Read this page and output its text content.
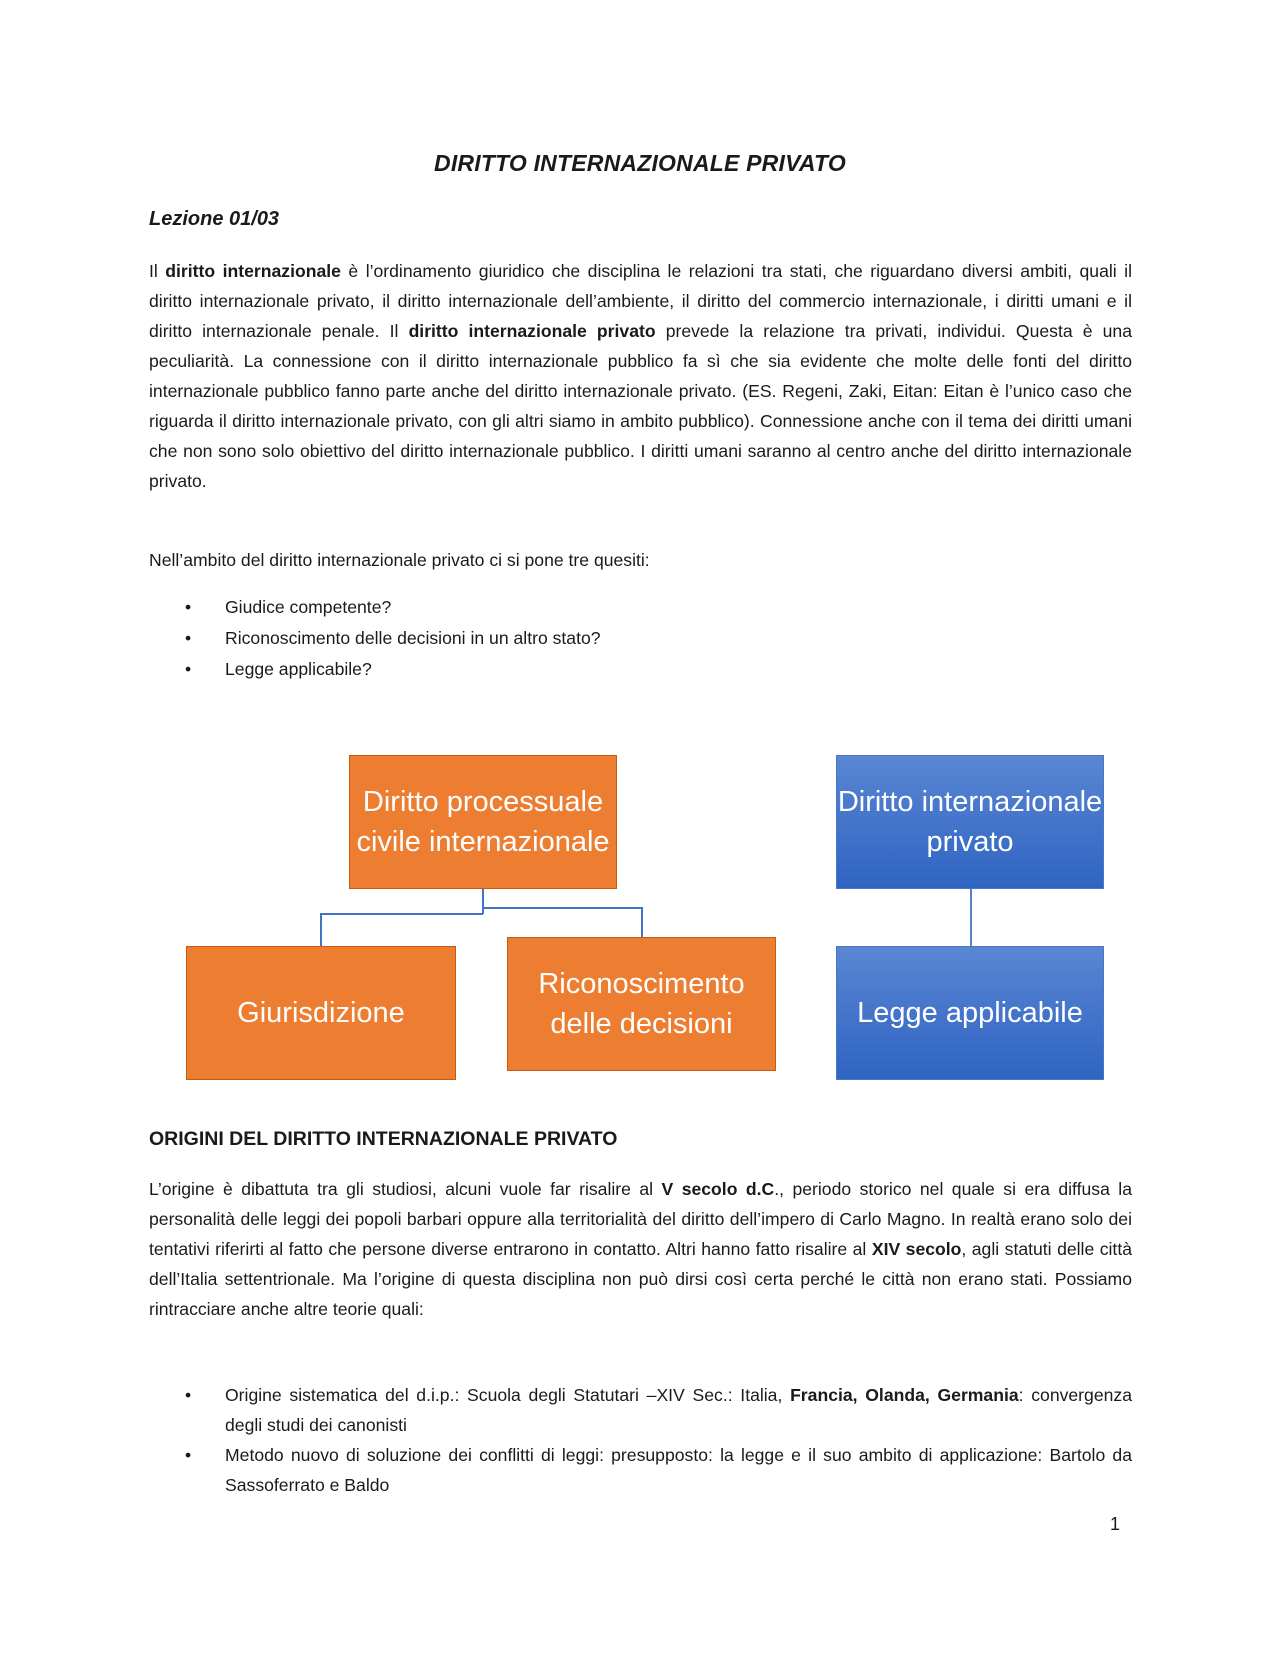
DIRITTO INTERNAZIONALE PRIVATO
Lezione 01/03

Il diritto internazionale è l’ordinamento giuridico che disciplina le relazioni tra stati, che riguardano diversi ambiti, quali il diritto internazionale privato, il diritto internazionale dell’ambiente, il diritto del commercio internazionale, i diritti umani e il diritto internazionale penale. Il diritto internazionale privato prevede la relazione tra privati, individui. Questa è una peculiarità. La connessione con il diritto internazionale pubblico fa sì che sia evidente che molte delle fonti del diritto internazionale pubblico fanno parte anche del diritto internazionale privato. (ES. Regeni, Zaki, Eitan: Eitan è l’unico caso che riguarda il diritto internazionale privato, con gli altri siamo in ambito pubblico). Connessione anche con il tema dei diritti umani che non sono solo obiettivo del diritto internazionale pubblico. I diritti umani saranno al centro anche del diritto internazionale privato.

Nell’ambito del diritto internazionale privato ci si pone tre quesiti:

• Giudice competente?
• Riconoscimento delle decisioni in un altro stato?
• Legge applicabile?
Diritto processuale civile internazionale
Giurisdizione
Riconoscimento delle decisioni
Diritto internazionale privato
Legge applicabile
ORIGINI DEL DIRITTO INTERNAZIONALE PRIVATO

L’origine è dibattuta tra gli studiosi, alcuni vuole far risalire al V secolo d.C., periodo storico nel quale si era diffusa la personalità delle leggi dei popoli barbari oppure alla territorialità del diritto dell’impero di Carlo Magno. In realtà erano solo dei tentativi riferirti al fatto che persone diverse entrarono in contatto. Altri hanno fatto risalire al XIV secolo, agli statuti delle città dell’Italia settentrionale. Ma l’origine di questa disciplina non può dirsi così certa perché le città non erano stati. Possiamo rintracciare anche altre teorie quali:

• Origine sistematica del d.i.p.: Scuola degli Statutari –XIV Sec.: Italia, Francia, Olanda, Germania: convergenza degli studi dei canonisti
• Metodo nuovo di soluzione dei conflitti di leggi: presupposto: la legge e il suo ambito di applicazione: Bartolo da Sassoferrato e Baldo
1
